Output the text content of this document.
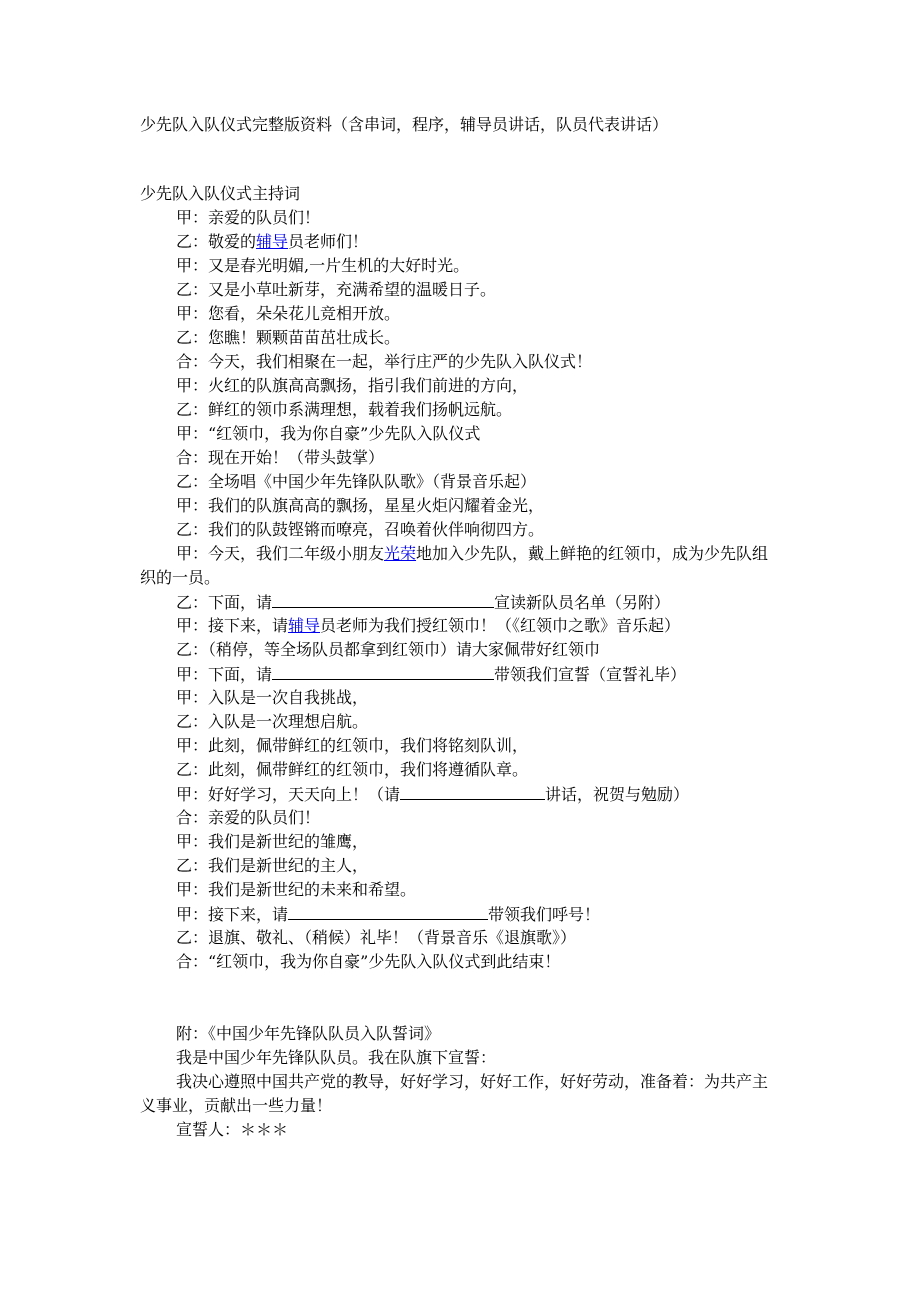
少先队入队仪式完整版资料（含串词，程序，辅导员讲话，队员代表讲话）
少先队入队仪式主持词
甲：亲爱的队员们！
乙：敬爱的辅导员老师们！
甲：又是春光明媚,一片生机的大好时光。
乙：又是小草吐新芽，充满希望的温暖日子。
甲：您看，朵朵花儿竞相开放。
乙：您瞧！颗颗苗苗茁壮成长。
合：今天，我们相聚在一起，举行庄严的少先队入队仪式！
甲：火红的队旗高高飘扬，指引我们前进的方向，
乙：鲜红的领巾系满理想，载着我们扬帆远航。
甲：“红领巾，我为你自豪”少先队入队仪式
合：现在开始！（带头鼓掌）
乙：全场唱《中国少年先锋队队歌》（背景音乐起）
甲：我们的队旗高高的飘扬，星星火炬闪耀着金光，
乙：我们的队鼓铿锵而嘹亮，召唤着伙伴响彻四方。
甲：今天，我们二年级小朋友光荣地加入少先队，戴上鲜艳的红领巾，成为少先队组织的一员。
乙：下面，请	宣读新队员名单（另附）
甲：接下来，请辅导员老师为我们授红领巾！（《红领巾之歌》音乐起）
乙：（稍停，等全场队员都拿到红领巾）请大家佩带好红领巾
甲：下面，请	带领我们宣誓（宣誓礼毕）
甲：入队是一次自我挑战，
乙：入队是一次理想启航。
甲：此刻，佩带鲜红的红领巾，我们将铭刻队训，
乙：此刻，佩带鲜红的红领巾，我们将遵循队章。
甲：好好学习，天天向上！（请	讲话，祝贺与勉励）
合：亲爱的队员们！
甲：我们是新世纪的雏鹰，
乙：我们是新世纪的主人，
甲：我们是新世纪的未来和希望。
甲：接下来，请	带领我们呼号！
乙：退旗、敬礼、（稍候）礼毕！（背景音乐《退旗歌》）
合：“红领巾，我为你自豪”少先队入队仪式到此结束！
附：《中国少年先锋队队员入队誓词》
我是中国少年先锋队队员。我在队旗下宣誓：
我决心遵照中国共产党的教导，好好学习，好好工作，好好劳动，准备着：为共产主义事业，贡献出一些力量！
宣誓人：＊＊＊
